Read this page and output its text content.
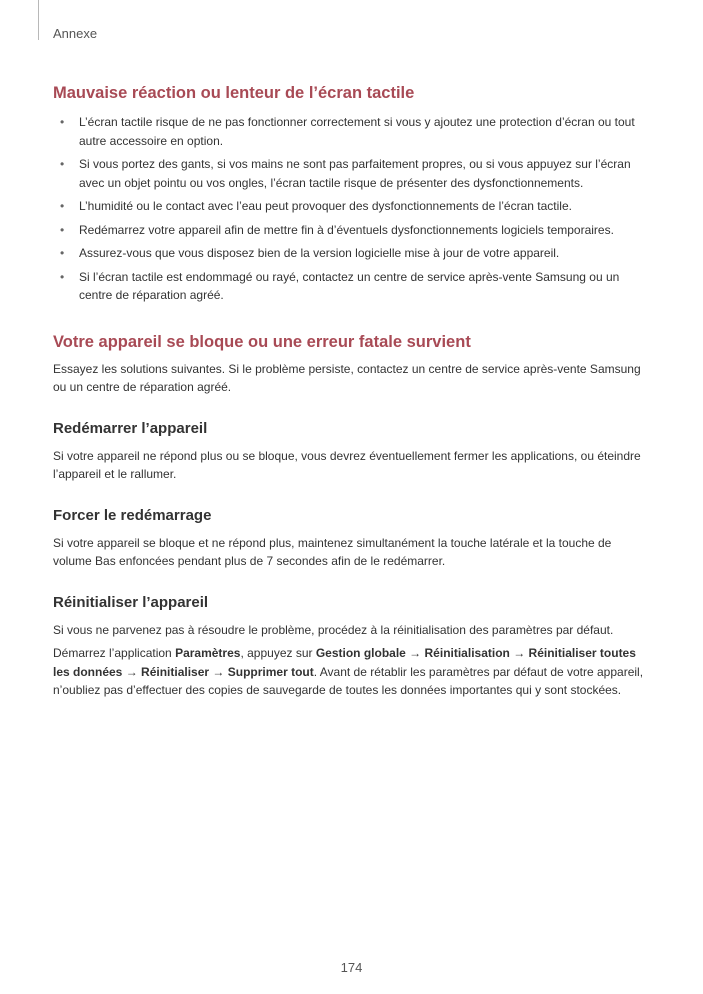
Annexe
Mauvaise réaction ou lenteur de l’écran tactile
• L’écran tactile risque de ne pas fonctionner correctement si vous y ajoutez une protection d’écran ou tout autre accessoire en option.
• Si vous portez des gants, si vos mains ne sont pas parfaitement propres, ou si vous appuyez sur l’écran avec un objet pointu ou vos ongles, l’écran tactile risque de présenter des dysfonctionnements.
• L’humidité ou le contact avec l’eau peut provoquer des dysfonctionnements de l’écran tactile.
• Redémarrez votre appareil afin de mettre fin à d’éventuels dysfonctionnements logiciels temporaires.
• Assurez-vous que vous disposez bien de la version logicielle mise à jour de votre appareil.
• Si l’écran tactile est endommagé ou rayé, contactez un centre de service après-vente Samsung ou un centre de réparation agréé.
Votre appareil se bloque ou une erreur fatale survient

Essayez les solutions suivantes. Si le problème persiste, contactez un centre de service après-vente Samsung ou un centre de réparation agréé.

Redémarrer l’appareil

Si votre appareil ne répond plus ou se bloque, vous devrez éventuellement fermer les applications, ou éteindre l’appareil et le rallumer.

Forcer le redémarrage

Si votre appareil se bloque et ne répond plus, maintenez simultanément la touche latérale et la touche de volume Bas enfoncées pendant plus de 7 secondes afin de le redémarrer.

Réinitialiser l’appareil

Si vous ne parvenez pas à résoudre le problème, procédez à la réinitialisation des paramètres par défaut.

Démarrez l’application Paramètres, appuyez sur Gestion globale → Réinitialisation → Réinitialiser toutes les données → Réinitialiser → Supprimer tout. Avant de rétablir les paramètres par défaut de votre appareil, n’oubliez pas d’effectuer des copies de sauvegarde de toutes les données importantes qui y sont stockées.

174
